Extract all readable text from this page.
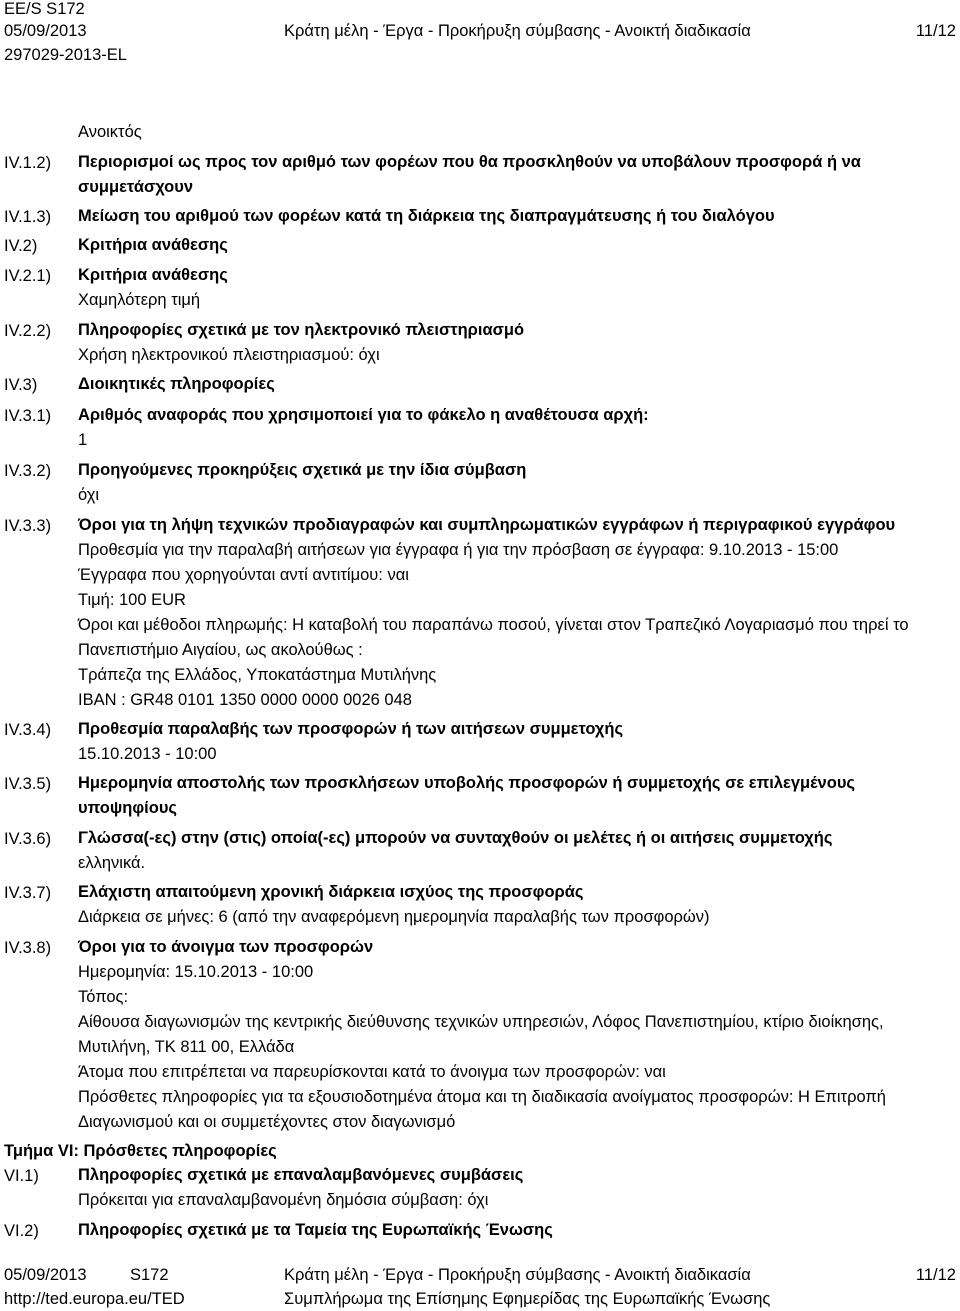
EE/S S172
05/09/2013	Κράτη μέλη - Έργα - Προκήρυξη σύμβασης - Ανοικτή διαδικασία	11/12
297029-2013-EL
Ανοικτός
IV.1.2) Περιορισμοί ως προς τον αριθμό των φορέων που θα προσκληθούν να υποβάλουν προσφορά ή να συμμετάσχουν
IV.1.3) Μείωση του αριθμού των φορέων κατά τη διάρκεια της διαπραγμάτευσης ή του διαλόγου
IV.2) Κριτήρια ανάθεσης
IV.2.1) Κριτήρια ανάθεσης
Χαμηλότερη τιμή
IV.2.2) Πληροφορίες σχετικά με τον ηλεκτρονικό πλειστηριασμό
Χρήση ηλεκτρονικού πλειστηριασμού: όχι
IV.3) Διοικητικές πληροφορίες
IV.3.1) Αριθμός αναφοράς που χρησιμοποιεί για το φάκελο η αναθέτουσα αρχή:
1
IV.3.2) Προηγούμενες προκηρύξεις σχετικά με την ίδια σύμβαση
όχι
IV.3.3) Όροι για τη λήψη τεχνικών προδιαγραφών και συμπληρωματικών εγγράφων ή περιγραφικού εγγράφου
Προθεσμία για την παραλαβή αιτήσεων για έγγραφα ή για την πρόσβαση σε έγγραφα: 9.10.2013 - 15:00
Έγγραφα που χορηγούνται αντί αντιτίμου: ναι
Τιμή: 100 EUR
Όροι και μέθοδοι πληρωμής: Η καταβολή του παραπάνω ποσού, γίνεται στον Τραπεζικό Λογαριασμό που τηρεί το Πανεπιστήμιο Αιγαίου, ως ακολούθως :
Τράπεζα της Ελλάδος, Υποκατάστημα Μυτιλήνης
IBAN : GR48 0101 1350 0000 0000 0026 048
IV.3.4) Προθεσμία παραλαβής των προσφορών ή των αιτήσεων συμμετοχής
15.10.2013 - 10:00
IV.3.5) Ημερομηνία αποστολής των προσκλήσεων υποβολής προσφορών ή συμμετοχής σε επιλεγμένους υποψηφίους
IV.3.6) Γλώσσα(-ες) στην (στις) οποία(-ες) μπορούν να συνταχθούν οι μελέτες ή οι αιτήσεις συμμετοχής
ελληνικά.
IV.3.7) Ελάχιστη απαιτούμενη χρονική διάρκεια ισχύος της προσφοράς
Διάρκεια σε μήνες: 6 (από την αναφερόμενη ημερομηνία παραλαβής των προσφορών)
IV.3.8) Όροι για το άνοιγμα των προσφορών
Ημερομηνία: 15.10.2013 - 10:00
Τόπος:
Αίθουσα διαγωνισμών της κεντρικής διεύθυνσης τεχνικών υπηρεσιών, Λόφος Πανεπιστημίου, κτίριο διοίκησης, Μυτιλήνη, ΤΚ 811 00, Ελλάδα
Άτομα που επιτρέπεται να παρευρίσκονται κατά το άνοιγμα των προσφορών: ναι
Πρόσθετες πληροφορίες για τα εξουσιοδοτημένα άτομα και τη διαδικασία ανοίγματος προσφορών: Η Επιτροπή Διαγωνισμού και οι συμμετέχοντες στον διαγωνισμό
Τμήμα VI: Πρόσθετες πληροφορίες
VI.1) Πληροφορίες σχετικά με επαναλαμβανόμενες συμβάσεις
Πρόκειται για επαναλαμβανομένη δημόσια σύμβαση: όχι
VI.2) Πληροφορίες σχετικά με τα Ταμεία της Ευρωπαϊκής Ένωσης
05/09/2013	S172	Κράτη μέλη - Έργα - Προκήρυξη σύμβασης - Ανοικτή διαδικασία	11/12
http://ted.europa.eu/TED	Συμπλήρωμα της Επίσημης Εφημερίδας της Ευρωπαϊκής Ένωσης
